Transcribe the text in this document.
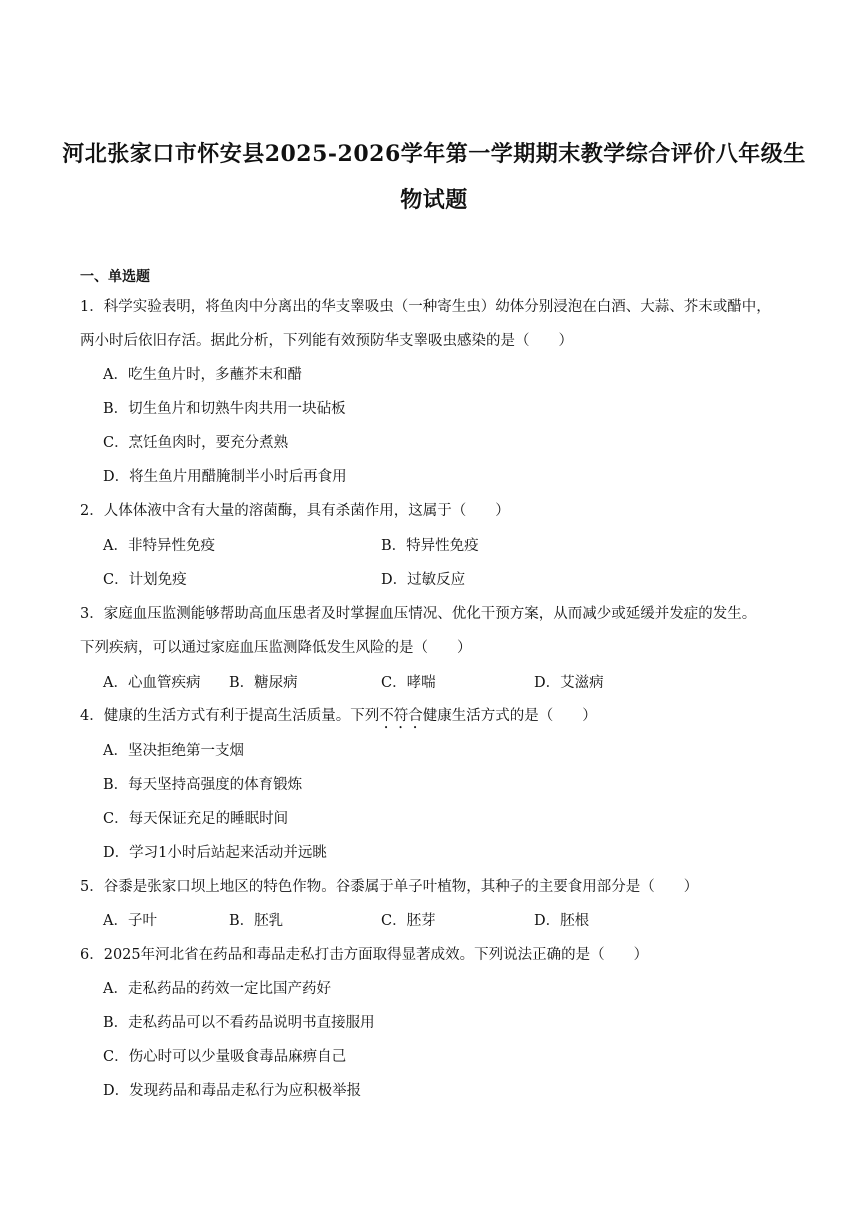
河北张家口市怀安县2025-2026学年第一学期期末教学综合评价八年级生
物试题
一、单选题
1．科学实验表明，将鱼肉中分离出的华支睾吸虫（一种寄生虫）幼体分别浸泡在白酒、大蒜、芥末或醋中，
两小时后依旧存活。据此分析，下列能有效预防华支睾吸虫感染的是（　　）
A．吃生鱼片时，多蘸芥末和醋
B．切生鱼片和切熟牛肉共用一块砧板
C．烹饪鱼肉时，要充分煮熟
D．将生鱼片用醋腌制半小时后再食用
2．人体体液中含有大量的溶菌酶，具有杀菌作用，这属于（　　）
A．非特异性免疫	B．特异性免疫
C．计划免疫	D．过敏反应
3．家庭血压监测能够帮助高血压患者及时掌握血压情况、优化干预方案，从而减少或延缓并发症的发生。
下列疾病，可以通过家庭血压监测降低发生风险的是（　　）
A．心血管疾病 B．糖尿病	C．哮喘	D．艾滋病
4．健康的生活方式有利于提高生活质量。下列不符合健康生活方式的是（　　）
A．坚决拒绝第一支烟
B．每天坚持高强度的体育锻炼
C．每天保证充足的睡眠时间
D．学习1小时后站起来活动并远眺
5．谷黍是张家口坝上地区的特色作物。谷黍属于单子叶植物，其种子的主要食用部分是（　　）
A．子叶	B．胚乳	C．胚芽	D．胚根
6．2025年河北省在药品和毒品走私打击方面取得显著成效。下列说法正确的是（　　）
A．走私药品的药效一定比国产药好
B．走私药品可以不看药品说明书直接服用
C．伤心时可以少量吸食毒品麻痹自己
D．发现药品和毒品走私行为应积极举报
